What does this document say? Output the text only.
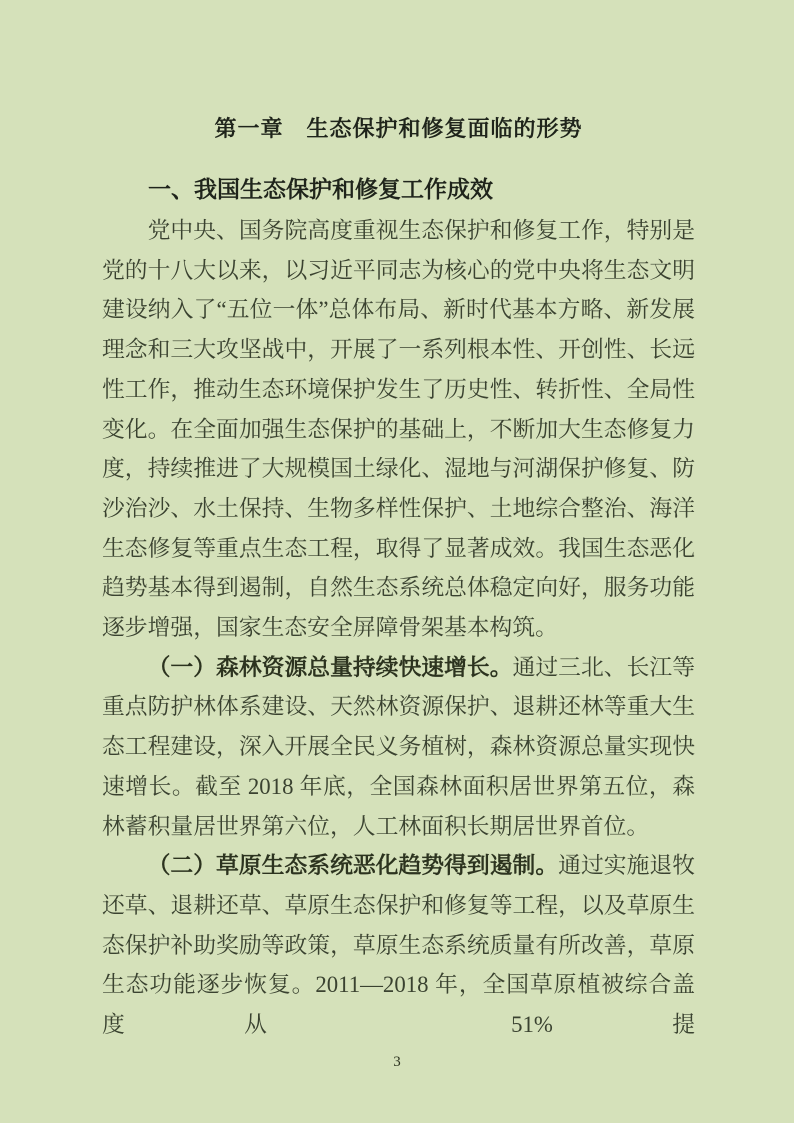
第一章　生态保护和修复面临的形势
一、我国生态保护和修复工作成效

党中央、国务院高度重视生态保护和修复工作，特别是党的十八大以来，以习近平同志为核心的党中央将生态文明建设纳入了“五位一体”总体布局、新时代基本方略、新发展理念和三大攻坚战中，开展了一系列根本性、开创性、长远性工作，推动生态环境保护发生了历史性、转折性、全局性变化。在全面加强生态保护的基础上，不断加大生态修复力度，持续推进了大规模国土绿化、湿地与河湖保护修复、防沙治沙、水土保持、生物多样性保护、土地综合整治、海洋生态修复等重点生态工程，取得了显著成效。我国生态恶化趋势基本得到遏制，自然生态系统总体稳定向好，服务功能逐步增强，国家生态安全屏障骨架基本构筑。

（一）森林资源总量持续快速增长。通过三北、长江等重点防护林体系建设、天然林资源保护、退耕还林等重大生态工程建设，深入开展全民义务植树，森林资源总量实现快速增长。截至 2018 年底，全国森林面积居世界第五位，森林蓄积量居世界第六位，人工林面积长期居世界首位。

（二）草原生态系统恶化趋势得到遏制。通过实施退牧还草、退耕还草、草原生态保护和修复等工程，以及草原生态保护补助奖励等政策，草原生态系统质量有所改善，草原生态功能逐步恢复。2011—2018 年，全国草原植被综合盖度从 51%提

3
